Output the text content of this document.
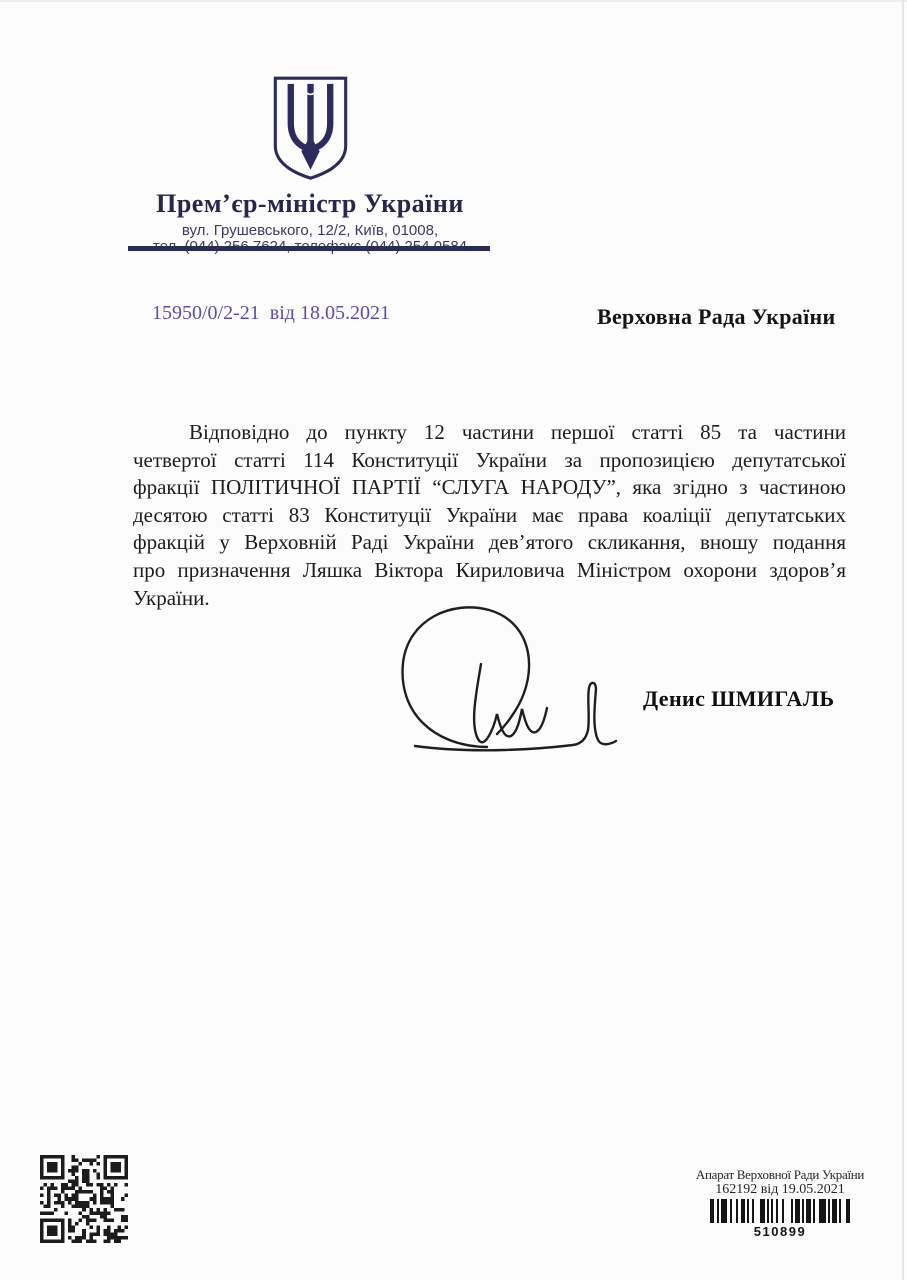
Прем’єр-міністр України
вул. Грушевського, 12/2, Київ, 01008,
тел. (044) 256 7624, телефакс (044) 254 0584
15950/0/2-21  від 18.05.2021	Верховна Рада України
Відповідно до пункту 12 частини першої статті 85 та частини
четвертої статті 114 Конституції України за пропозицією депутатської
фракції ПОЛІТИЧНОЇ ПАРТІЇ “СЛУГА НАРОДУ”, яка згідно з частиною
десятою статті 83 Конституції України має права коаліції депутатських
фракцій у Верховній Раді України дев’ятого скликання, вношу подання
про призначення Ляшка Віктора Кириловича Міністром охорони здоров’я
України.
Денис ШМИГАЛЬ
Апарат Верховної Ради України
162192 від 19.05.2021
510899
